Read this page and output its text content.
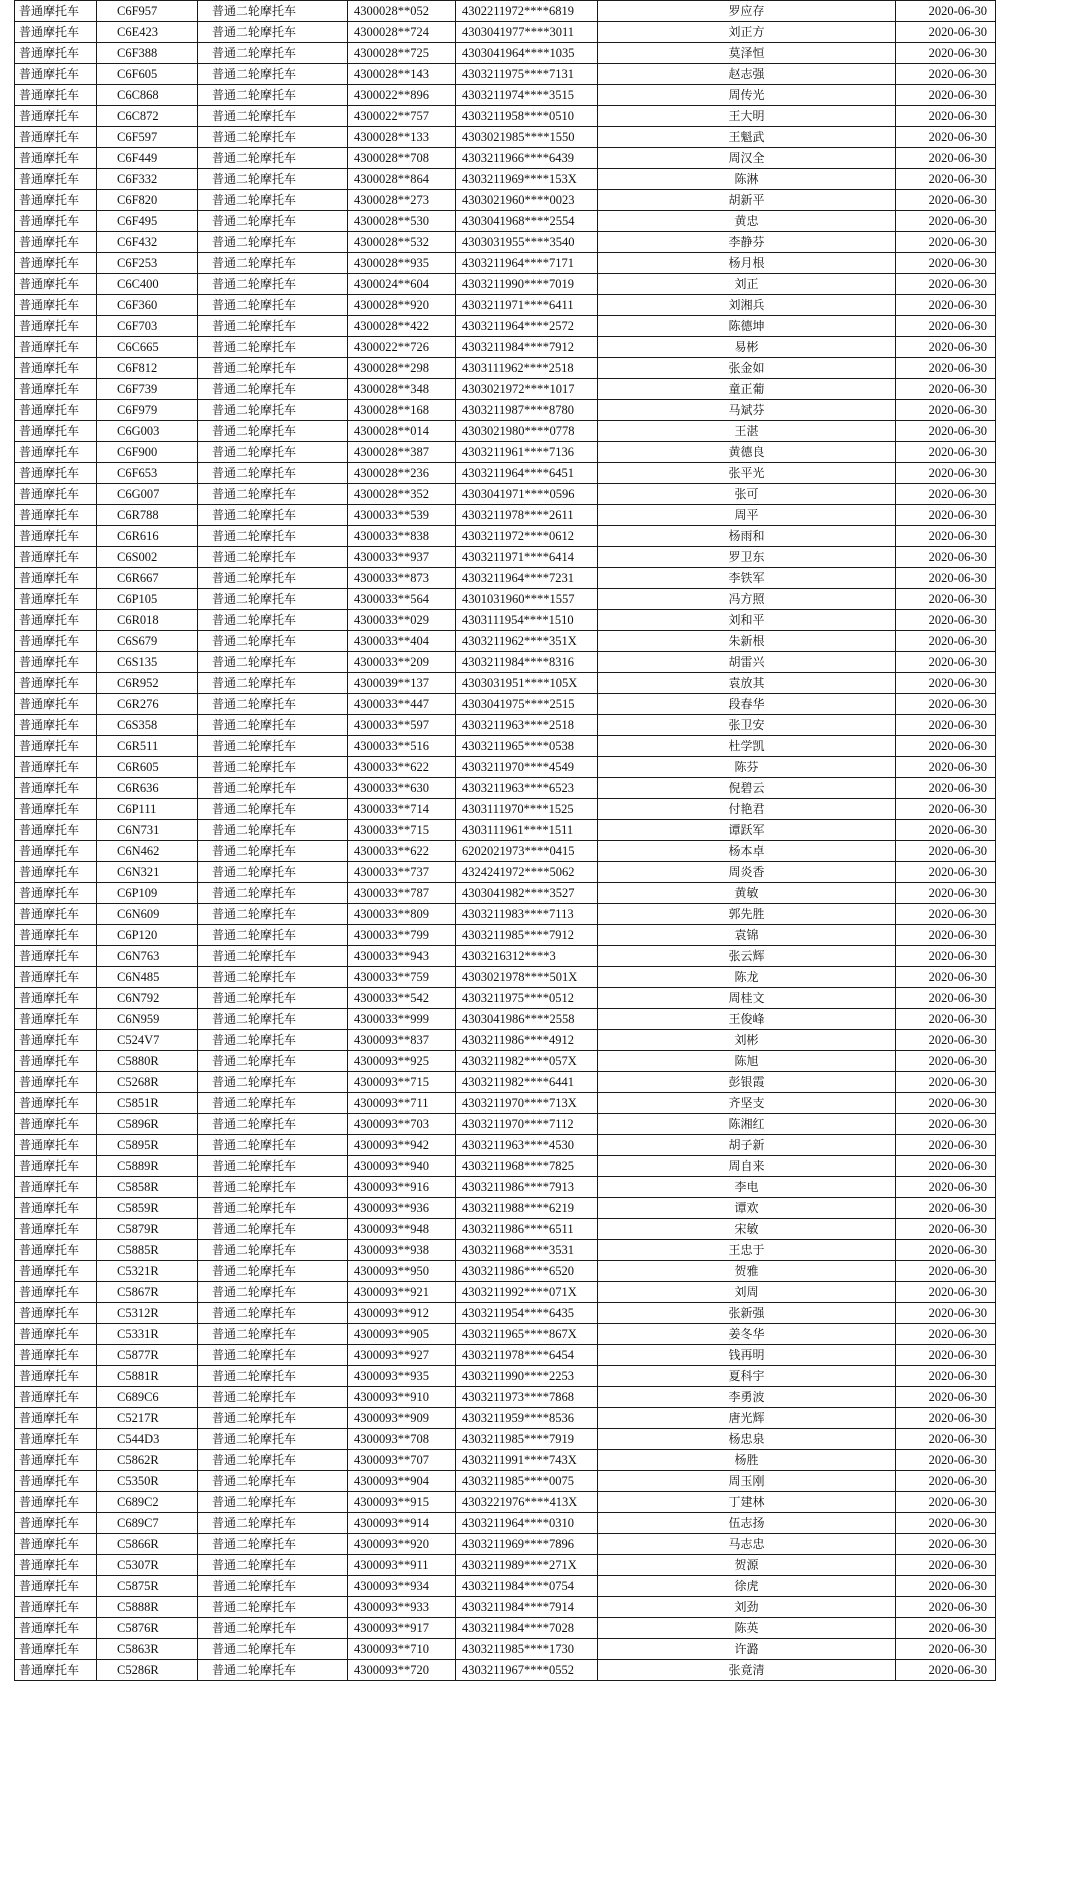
普通摩托车	C6F957	普通二轮摩托车	4300028**052	4302211972****6819	罗应存	2020-06-30
普通摩托车	C6E423	普通二轮摩托车	4300028**724	4303041977****3011	刘正方	2020-06-30
普通摩托车	C6F388	普通二轮摩托车	4300028**725	4303041964****1035	莫泽恒	2020-06-30
普通摩托车	C6F605	普通二轮摩托车	4300028**143	4303211975****7131	赵志强	2020-06-30
普通摩托车	C6C868	普通二轮摩托车	4300022**896	4303211974****3515	周传光	2020-06-30
普通摩托车	C6C872	普通二轮摩托车	4300022**757	4303211958****0510	王大明	2020-06-30
普通摩托车	C6F597	普通二轮摩托车	4300028**133	4303021985****1550	王魁武	2020-06-30
普通摩托车	C6F449	普通二轮摩托车	4300028**708	4303211966****6439	周汉全	2020-06-30
普通摩托车	C6F332	普通二轮摩托车	4300028**864	4303211969****153X	陈淋	2020-06-30
普通摩托车	C6F820	普通二轮摩托车	4300028**273	4303021960****0023	胡新平	2020-06-30
普通摩托车	C6F495	普通二轮摩托车	4300028**530	4303041968****2554	黄忠	2020-06-30
普通摩托车	C6F432	普通二轮摩托车	4300028**532	4303031955****3540	李静芬	2020-06-30
普通摩托车	C6F253	普通二轮摩托车	4300028**935	4303211964****7171	杨月根	2020-06-30
普通摩托车	C6C400	普通二轮摩托车	4300024**604	4303211990****7019	刘正	2020-06-30
普通摩托车	C6F360	普通二轮摩托车	4300028**920	4303211971****6411	刘湘兵	2020-06-30
普通摩托车	C6F703	普通二轮摩托车	4300028**422	4303211964****2572	陈德坤	2020-06-30
普通摩托车	C6C665	普通二轮摩托车	4300022**726	4303211984****7912	易彬	2020-06-30
普通摩托车	C6F812	普通二轮摩托车	4300028**298	4303111962****2518	张金如	2020-06-30
普通摩托车	C6F739	普通二轮摩托车	4300028**348	4303021972****1017	童正葡	2020-06-30
普通摩托车	C6F979	普通二轮摩托车	4300028**168	4303211987****8780	马斌芬	2020-06-30
普通摩托车	C6G003	普通二轮摩托车	4300028**014	4303021980****0778	王湛	2020-06-30
普通摩托车	C6F900	普通二轮摩托车	4300028**387	4303211961****7136	黄德良	2020-06-30
普通摩托车	C6F653	普通二轮摩托车	4300028**236	4303211964****6451	张平光	2020-06-30
普通摩托车	C6G007	普通二轮摩托车	4300028**352	4303041971****0596	张可	2020-06-30
普通摩托车	C6R788	普通二轮摩托车	4300033**539	4303211978****2611	周平	2020-06-30
普通摩托车	C6R616	普通二轮摩托车	4300033**838	4303211972****0612	杨雨和	2020-06-30
普通摩托车	C6S002	普通二轮摩托车	4300033**937	4303211971****6414	罗卫东	2020-06-30
普通摩托车	C6R667	普通二轮摩托车	4300033**873	4303211964****7231	李铁军	2020-06-30
普通摩托车	C6P105	普通二轮摩托车	4300033**564	4301031960****1557	冯方照	2020-06-30
普通摩托车	C6R018	普通二轮摩托车	4300033**029	4303111954****1510	刘和平	2020-06-30
普通摩托车	C6S679	普通二轮摩托车	4300033**404	4303211962****351X	朱新根	2020-06-30
普通摩托车	C6S135	普通二轮摩托车	4300033**209	4303211984****8316	胡雷兴	2020-06-30
普通摩托车	C6R952	普通二轮摩托车	4300039**137	4303031951****105X	袁放其	2020-06-30
普通摩托车	C6R276	普通二轮摩托车	4300033**447	4303041975****2515	段春华	2020-06-30
普通摩托车	C6S358	普通二轮摩托车	4300033**597	4303211963****2518	张卫安	2020-06-30
普通摩托车	C6R511	普通二轮摩托车	4300033**516	4303211965****0538	杜学凯	2020-06-30
普通摩托车	C6R605	普通二轮摩托车	4300033**622	4303211970****4549	陈芬	2020-06-30
普通摩托车	C6R636	普通二轮摩托车	4300033**630	4303211963****6523	倪碧云	2020-06-30
普通摩托车	C6P111	普通二轮摩托车	4300033**714	4303111970****1525	付艳君	2020-06-30
普通摩托车	C6N731	普通二轮摩托车	4300033**715	4303111961****1511	谭跃军	2020-06-30
普通摩托车	C6N462	普通二轮摩托车	4300033**622	6202021973****0415	杨本卓	2020-06-30
普通摩托车	C6N321	普通二轮摩托车	4300033**737	4324241972****5062	周炎香	2020-06-30
普通摩托车	C6P109	普通二轮摩托车	4300033**787	4303041982****3527	黄敏	2020-06-30
普通摩托车	C6N609	普通二轮摩托车	4300033**809	4303211983****7113	郭先胜	2020-06-30
普通摩托车	C6P120	普通二轮摩托车	4300033**799	4303211985****7912	袁锦	2020-06-30
普通摩托车	C6N763	普通二轮摩托车	4300033**943	4303216312****3	张云辉	2020-06-30
普通摩托车	C6N485	普通二轮摩托车	4300033**759	4303021978****501X	陈龙	2020-06-30
普通摩托车	C6N792	普通二轮摩托车	4300033**542	4303211975****0512	周桂文	2020-06-30
普通摩托车	C6N959	普通二轮摩托车	4300033**999	4303041986****2558	王俊峰	2020-06-30
普通摩托车	C524V7	普通二轮摩托车	4300093**837	4303211986****4912	刘彬	2020-06-30
普通摩托车	C5880R	普通二轮摩托车	4300093**925	4303211982****057X	陈旭	2020-06-30
普通摩托车	C5268R	普通二轮摩托车	4300093**715	4303211982****6441	彭银霞	2020-06-30
普通摩托车	C5851R	普通二轮摩托车	4300093**711	4303211970****713X	齐坚支	2020-06-30
普通摩托车	C5896R	普通二轮摩托车	4300093**703	4303211970****7112	陈湘红	2020-06-30
普通摩托车	C5895R	普通二轮摩托车	4300093**942	4303211963****4530	胡子新	2020-06-30
普通摩托车	C5889R	普通二轮摩托车	4300093**940	4303211968****7825	周自来	2020-06-30
普通摩托车	C5858R	普通二轮摩托车	4300093**916	4303211986****7913	李电	2020-06-30
普通摩托车	C5859R	普通二轮摩托车	4300093**936	4303211988****6219	谭欢	2020-06-30
普通摩托车	C5879R	普通二轮摩托车	4300093**948	4303211986****6511	宋敏	2020-06-30
普通摩托车	C5885R	普通二轮摩托车	4300093**938	4303211968****3531	王忠于	2020-06-30
普通摩托车	C5321R	普通二轮摩托车	4300093**950	4303211986****6520	贺雅	2020-06-30
普通摩托车	C5867R	普通二轮摩托车	4300093**921	4303211992****071X	刘周	2020-06-30
普通摩托车	C5312R	普通二轮摩托车	4300093**912	4303211954****6435	张新强	2020-06-30
普通摩托车	C5331R	普通二轮摩托车	4300093**905	4303211965****867X	姜冬华	2020-06-30
普通摩托车	C5877R	普通二轮摩托车	4300093**927	4303211978****6454	钱再明	2020-06-30
普通摩托车	C5881R	普通二轮摩托车	4300093**935	4303211990****2253	夏科宇	2020-06-30
普通摩托车	C689C6	普通二轮摩托车	4300093**910	4303211973****7868	李勇波	2020-06-30
普通摩托车	C5217R	普通二轮摩托车	4300093**909	4303211959****8536	唐光辉	2020-06-30
普通摩托车	C544D3	普通二轮摩托车	4300093**708	4303211985****7919	杨忠泉	2020-06-30
普通摩托车	C5862R	普通二轮摩托车	4300093**707	4303211991****743X	杨胜	2020-06-30
普通摩托车	C5350R	普通二轮摩托车	4300093**904	4303211985****0075	周玉刚	2020-06-30
普通摩托车	C689C2	普通二轮摩托车	4300093**915	4303221976****413X	丁建林	2020-06-30
普通摩托车	C689C7	普通二轮摩托车	4300093**914	4303211964****0310	伍志扬	2020-06-30
普通摩托车	C5866R	普通二轮摩托车	4300093**920	4303211969****7896	马志忠	2020-06-30
普通摩托车	C5307R	普通二轮摩托车	4300093**911	4303211989****271X	贺源	2020-06-30
普通摩托车	C5875R	普通二轮摩托车	4300093**934	4303211984****0754	徐虎	2020-06-30
普通摩托车	C5888R	普通二轮摩托车	4300093**933	4303211984****7914	刘劲	2020-06-30
普通摩托车	C5876R	普通二轮摩托车	4300093**917	4303211984****7028	陈英	2020-06-30
普通摩托车	C5863R	普通二轮摩托车	4300093**710	4303211985****1730	许潞	2020-06-30
普通摩托车	C5286R	普通二轮摩托车	4300093**720	4303211967****0552	张竟清	2020-06-30
